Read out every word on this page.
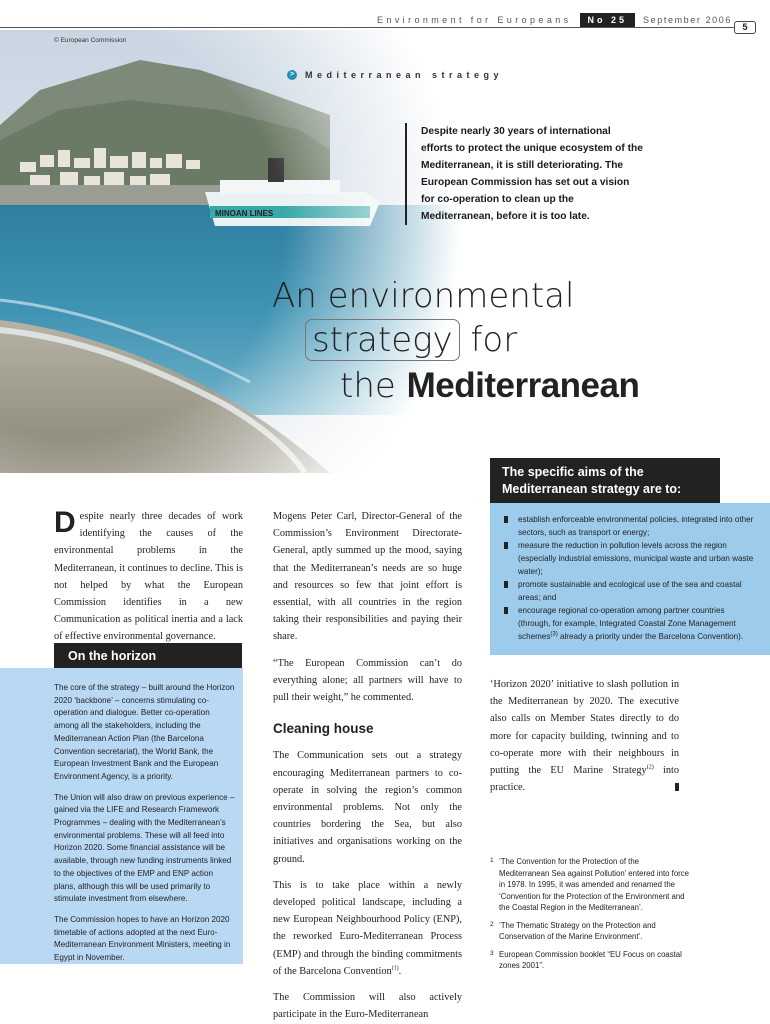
Environment for Europeans	No 25	September 2006
5
© European Commission
>	Mediterranean strategy
Despite nearly 30 years of international efforts to protect the unique ecosystem of the Mediterranean, it is still deteriorating. The European Commission has set out a vision for co-operation to clean up the Mediterranean, before it is too late.
An environmental
strategy for
the Mediterranean
The specific aims of the Mediterranean strategy are to:
establish enforceable environmental policies, integrated into other sectors, such as transport or energy;
measure the reduction in pollution levels across the region (especially industrial emissions, municipal waste and urban waste water);
promote sustainable and ecological use of the sea and coastal areas; and
encourage regional co-operation among partner countries (through, for example, Integrated Coastal Zone Management schemes$^{(3)}$ already a priority under the Barcelona Convention).

Despite nearly three decades of work identifying the causes of the environmental problems in the Mediterranean, it continues to decline. This is not helped by what the European Commission identifies in a new Communication as political inertia and a lack of effective environmental governance.

On the horizon

The core of the strategy – built around the Horizon 2020 ‘backbone’ – concerns stimulating co-operation and dialogue. Better co-operation among all the stakeholders, including the Mediterranean Action Plan (the Barcelona Convention secretariat), the World Bank, the European Investment Bank and the European Environment Agency, is a priority.

The Union will also draw on previous experience – gained via the LIFE and Research Framework Programmes – dealing with the Mediterranean’s environmental problems. These will all feed into Horizon 2020. Some financial assistance will be available, through new funding instruments linked to the objectives of the EMP and ENP action plans, although this will be used primarily to stimulate investment from elsewhere.

The Commission hopes to have an Horizon 2020 timetable of actions adopted at the next Euro-Mediterranean Environment Ministers, meeting in Egypt in November.

Mogens Peter Carl, Director-General of the Commission’s Environment Directorate-General, aptly summed up the mood, saying that the Mediterranean’s needs are so huge and resources so few that joint effort is essential, with all countries in the region taking their responsibilities and paying their share.

“The European Commission can’t do everything alone; all partners will have to pull their weight,” he commented.

Cleaning house

The Communication sets out a strategy encouraging Mediterranean partners to co-operate in solving the region’s common environmental problems. Not only the countries bordering the Sea, but also initiatives and organisations working on the ground.

This is to take place within a newly developed political landscape, including a new European Neighbourhood Policy (ENP), the reworked Euro-Mediterranean Process (EMP) and through the binding commitments of the Barcelona Convention$^{(1)}$.

The Commission will also actively participate in the Euro-Mediterranean

‘Horizon 2020’ initiative to slash pollution in the Mediterranean by 2020. The executive also calls on Member States directly to do more for capacity building, twinning and to co-operate more with their neighbours in putting the EU Marine Strategy$^{(2)}$ into practice.

1 ‘The Convention for the Protection of the Mediterranean Sea against Pollution’ entered into force in 1978. In 1995, it was amended and renamed the ‘Convention for the Protection of the Environment and the Coastal Region in the Mediterranean’.
2 ‘The Thematic Strategy on the Protection and Conservation of the Marine Environment’.
3 European Commission booklet “EU Focus on coastal zones 2001”.
